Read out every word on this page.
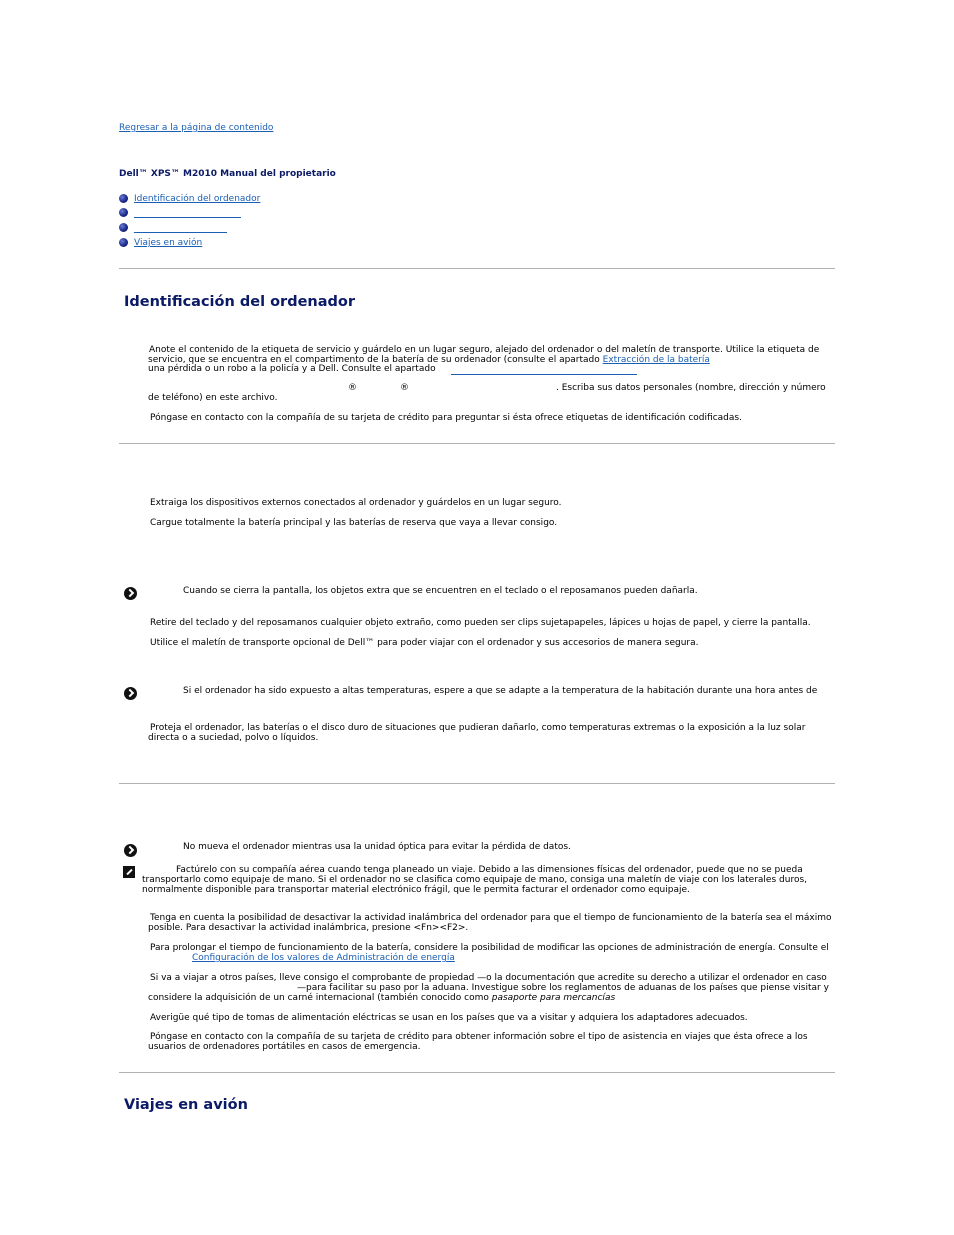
Regresar a la página de contenido
Dell™ XPS™ M2010 Manual del propietario
Identificación del ordenador
Viajes en avión
Identificación del ordenador
Anote el contenido de la etiqueta de servicio y guárdelo en un lugar seguro, alejado del ordenador o del maletín de transporte. Utilice la etiqueta de
servicio, que se encuentra en el compartimento de la batería de su ordenador (consulte el apartado Extracción de la batería
una pérdida o un robo a la policía y a Dell. Consulte el apartado
®	®	. Escriba sus datos personales (nombre, dirección y número
de teléfono) en este archivo.
Póngase en contacto con la compañía de su tarjeta de crédito para preguntar si ésta ofrece etiquetas de identificación codificadas.
Extraiga los dispositivos externos conectados al ordenador y guárdelos en un lugar seguro.
Cargue totalmente la batería principal y las baterías de reserva que vaya a llevar consigo.
Cuando se cierra la pantalla, los objetos extra que se encuentren en el teclado o el reposamanos pueden dañarla.
Retire del teclado y del reposamanos cualquier objeto extraño, como pueden ser clips sujetapapeles, lápices u hojas de papel, y cierre la pantalla.
Utilice el maletín de transporte opcional de Dell™ para poder viajar con el ordenador y sus accesorios de manera segura.
Si el ordenador ha sido expuesto a altas temperaturas, espere a que se adapte a la temperatura de la habitación durante una hora antes de
Proteja el ordenador, las baterías o el disco duro de situaciones que pudieran dañarlo, como temperaturas extremas o la exposición a la luz solar
directa o a suciedad, polvo o líquidos.
No mueva el ordenador mientras usa la unidad óptica para evitar la pérdida de datos.
Factúrelo con su compañía aérea cuando tenga planeado un viaje. Debido a las dimensiones físicas del ordenador, puede que no se pueda
transportarlo como equipaje de mano. Si el ordenador no se clasifica como equipaje de mano, consiga una maletín de viaje con los laterales duros,
normalmente disponible para transportar material electrónico frágil, que le permita facturar el ordenador como equipaje.
Tenga en cuenta la posibilidad de desactivar la actividad inalámbrica del ordenador para que el tiempo de funcionamiento de la batería sea el máximo
posible. Para desactivar la actividad inalámbrica, presione <Fn><F2>.
Para prolongar el tiempo de funcionamiento de la batería, considere la posibilidad de modificar las opciones de administración de energía. Consulte el
Configuración de los valores de Administración de energía
Si va a viajar a otros países, lleve consigo el comprobante de propiedad —o la documentación que acredite su derecho a utilizar el ordenador en caso
—para facilitar su paso por la aduana. Investigue sobre los reglamentos de aduanas de los países que piense visitar y
considere la adquisición de un carné internacional (también conocido como pasaporte para mercancías
Averigüe qué tipo de tomas de alimentación eléctricas se usan en los países que va a visitar y adquiera los adaptadores adecuados.
Póngase en contacto con la compañía de su tarjeta de crédito para obtener información sobre el tipo de asistencia en viajes que ésta ofrece a los
usuarios de ordenadores portátiles en casos de emergencia.
Viajes en avión
